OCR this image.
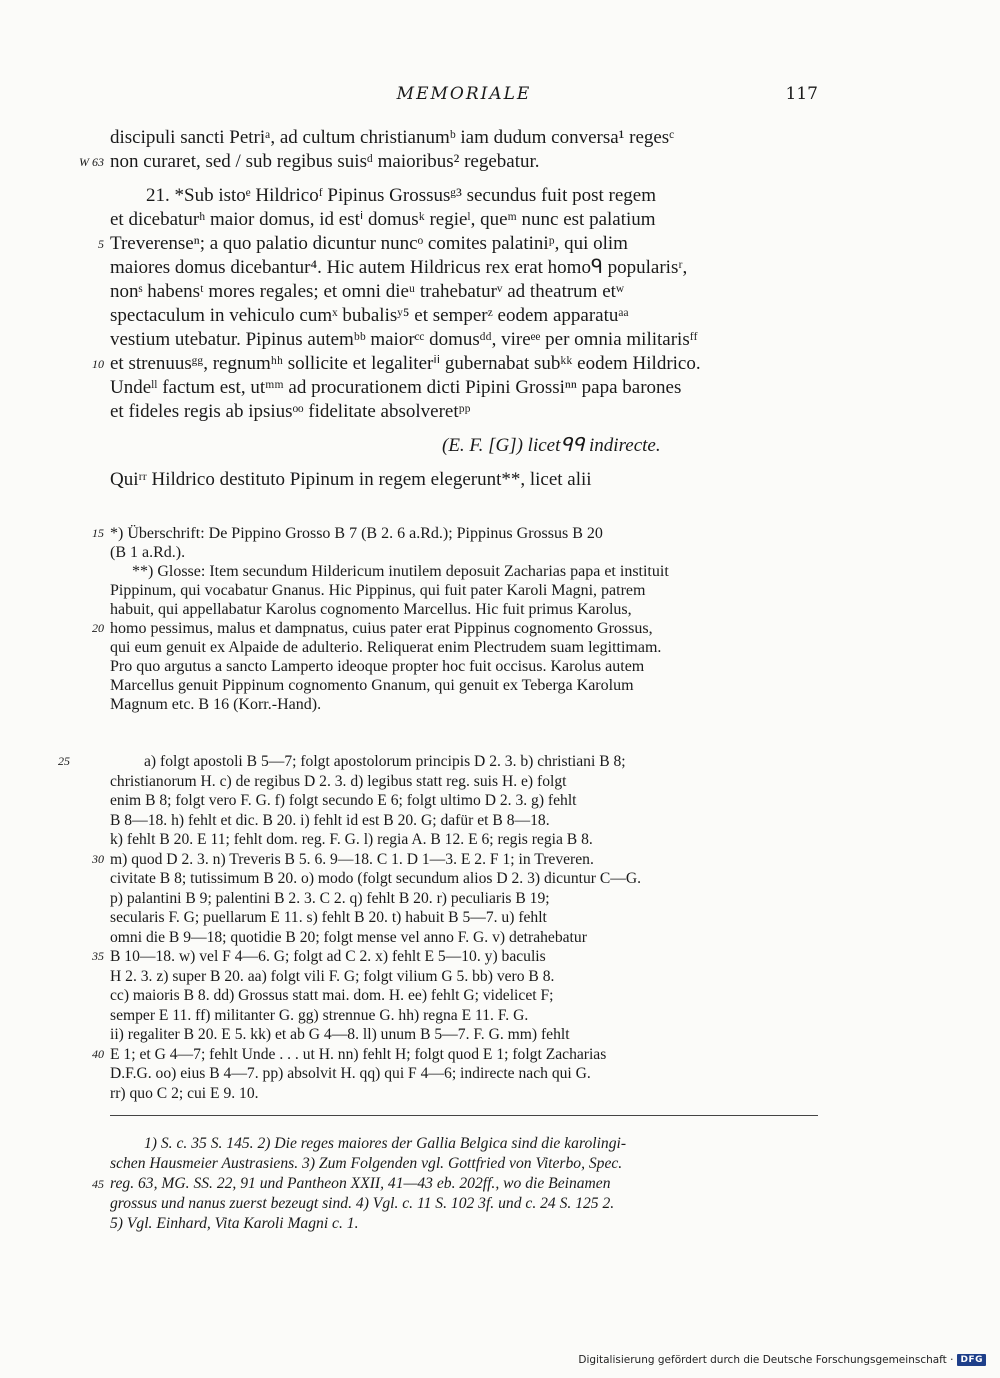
MEMORIALE	117
discipuli sancti Petriᵃ, ad cultum christianumᵇ iam dudum conversa¹ regesᶜ
W 63 non curaret, sed / sub regibus suisᵈ maioribus² regebatur.
21. *Sub istoᵉ Hildricoᶠ Pipinus Grossusᵍ³ secundus fuit post regem
et dicebaturʰ maior domus, id estⁱ domusᵏ regieˡ, queᵐ nunc est palatium
5 Treverenseⁿ; a quo palatio dicuntur nuncᵒ comites palatiniᵖ, qui olim
maiores domus dicebantur⁴. Hic autem Hildricus rex erat homoᑫ popularisʳ,
nonˢ habensᵗ mores regales; et omni dieᵘ trahebaturᵛ ad theatrum etʷ
spectaculum in vehiculo cumˣ bubalisʸ⁵ et semperᶻ eodem apparatuᵃᵃ
vestium utebatur. Pipinus autemᵇᵇ maiorᶜᶜ domusᵈᵈ, vireᵉᵉ per omnia militarisᶠᶠ
10 et strenuusᵍᵍ, regnumʰʰ sollicite et legaliterⁱⁱ gubernabat subᵏᵏ eodem Hildrico.
Undeˡˡ factum est, utᵐᵐ ad procurationem dicti Pipini Grossiⁿⁿ papa barones
et fideles regis ab ipsiusᵒᵒ fidelitate absolveretᵖᵖ
(E. F. [G]) licetᑫᑫ indirecte.
Quiʳʳ Hildrico destituto Pipinum in regem elegerunt**, licet alii
15 *) Überschrift: De Pippino Grosso B 7 (B 2. 6 a.Rd.); Pippinus Grossus B 20
(B 1 a.Rd.).
**) Glosse: Item secundum Hildericum inutilem deposuit Zacharias papa et instituit
Pippinum, qui vocabatur Gnanus. Hic Pippinus, qui fuit pater Karoli Magni, patrem
habuit, qui appellabatur Karolus cognomento Marcellus. Hic fuit primus Karolus,
20 homo pessimus, malus et dampnatus, cuius pater erat Pippinus cognomento Grossus,
qui eum genuit ex Alpaide de adulterio. Reliquerat enim Plectrudem suam legittimam.
Pro quo argutus a sancto Lamperto ideoque propter hoc fuit occisus. Karolus autem
Marcellus genuit Pippinum cognomento Gnanum, qui genuit ex Teberga Karolum
Magnum etc. B 16 (Korr.-Hand).
25	a) folgt apostoli B 5—7; folgt apostolorum principis D 2. 3. b) christiani B 8;
christianorum H. c) de regibus D 2. 3. d) legibus statt reg. suis H. e) folgt
enim B 8; folgt vero F. G. f) folgt secundo E 6; folgt ultimo D 2. 3. g) fehlt
B 8—18. h) fehlt et dic. B 20. i) fehlt id est B 20. G; dafür et B 8—18.
k) fehlt B 20. E 11; fehlt dom. reg. F. G. l) regia A. B 12. E 6; regis regia B 8.
30 m) quod D 2. 3. n) Treveris B 5. 6. 9—18. C 1. D 1—3. E 2. F 1; in Treveren.
civitate B 8; tutissimum B 20. o) modo (folgt secundum alios D 2. 3) dicuntur C—G.
p) palantini B 9; palentini B 2. 3. C 2. q) fehlt B 20. r) peculiaris B 19;
secularis F. G; puellarum E 11. s) fehlt B 20. t) habuit B 5—7. u) fehlt
omni die B 9—18; quotidie B 20; folgt mense vel anno F. G. v) detrahebatur
35 B 10—18. w) vel F 4—6. G; folgt ad C 2. x) fehlt E 5—10. y) baculis
H 2. 3. z) super B 20. aa) folgt vili F. G; folgt vilium G 5. bb) vero B 8.
cc) maioris B 8. dd) Grossus statt mai. dom. H. ee) fehlt G; videlicet F;
semper E 11. ff) militanter G. gg) strennue G. hh) regna E 11. F. G.
ii) regaliter B 20. E 5. kk) et ab G 4—8. ll) unum B 5—7. F. G. mm) fehlt
40 E 1; et G 4—7; fehlt Unde . . . ut H. nn) fehlt H; folgt quod E 1; folgt Zacharias
D.F.G. oo) eius B 4—7. pp) absolvit H. qq) qui F 4—6; indirecte nach qui G.
rr) quo C 2; cui E 9. 10.
1) S. c. 35 S. 145. 2) Die reges maiores der Gallia Belgica sind die karolingi-
schen Hausmeier Austrasiens. 3) Zum Folgenden vgl. Gottfried von Viterbo, Spec.
45 reg. 63, MG. SS. 22, 91 und Pantheon XXII, 41—43 eb. 202ff., wo die Beinamen
grossus und nanus zuerst bezeugt sind. 4) Vgl. c. 11 S. 102 3f. und c. 24 S. 125 2.
5) Vgl. Einhard, Vita Karoli Magni c. 1.
Digitalisierung gefördert durch die Deutsche Forschungsgemeinschaft · DFG
